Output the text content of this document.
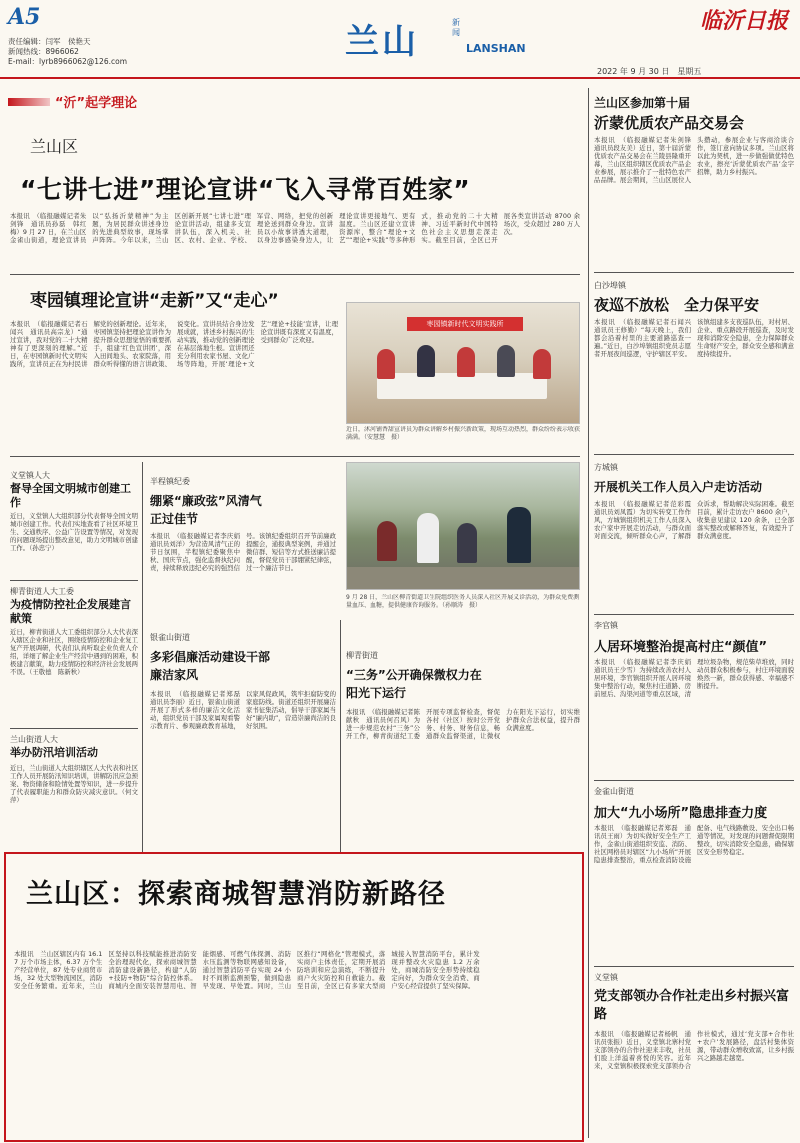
A5
责任编辑：闫军　侯艳天
新闻热线：8966062
E-mail：lyrb8966062@126.com	兰山	新闻
LANSHAN
临沂日报
2022 年 9 月 30 日　星期五
“沂”起学理论
兰山区
“七讲七进”理论宣讲“飞入寻常百姓家”
本报讯　（临报融媒记者朱剑锋　通讯员孙磊　韩红梅）9 月 27 日，在兰山区金雀山街道，理论宣讲员以“弘扬沂蒙精神”为主题，为居民群众讲述身边的先进典型故事，现场掌声阵阵。今年以来，兰山区创新开展“七讲七进”理论宣讲活动，组建多支宣讲队伍，深入机关、社区、农村、企业、学校、军营、网络，把党的创新理论送到群众身边。宣讲员以小故事讲透大道理，以身边事感染身边人，让理论宣讲更接地气、更有温度。兰山区还建立宣讲资源库，整合“理论+文艺”“理论+实践”等多种形式，推动党的二十大精神、习近平新时代中国特色社会主义思想走深走实。截至目前，全区已开展各类宣讲活动 8700 余场次，受众超过 280 万人次。
枣园镇理论宣讲“走新”又“走心”
本报讯　（临报融媒记者石闻兴　通讯员高宗龙）“通过宣讲，我对党的二十大精神有了更深刻的理解。”近日，在枣园镇新时代文明实践所，宣讲员正在为村民讲解党的创新理论。近年来，枣园镇坚持把理论宣讲作为提升群众思想觉悟的重要抓手，组建‘红色宣讲团’，深入田间地头、农家院落，用群众听得懂的语言讲政策、说变化。宣讲员结合身边发展成就，讲述乡村振兴的生动实践，推动党的创新理论在基层落地生根。宣讲团还充分利用农家书屋、文化广场等阵地，开展‘理论+文艺’‘理论+技能’宣讲，让理论宣讲既有深度又有温度，受到群众广泛欢迎。
枣园镇新时代文明实践所
近日，沭河铺香甜宣讲员为群众讲解乡村振兴新政策，现场互动热烈，群众纷纷表示收获满满。（安慧慧　摄）
义堂镇人大
督导全国文明城市创建工作
近日，义堂镇人大组织部分代表督导全国文明城市创建工作。代表们实地查看了社区环境卫生、交通秩序、公益广告设置等情况，对发现的问题现场提出整改意见，助力文明城市创建工作。（孙忠宁）
柳青街道人大工委
为疫情防控社企发展建言献策
近日，柳青街道人大工委组织部分人大代表深入辖区企业和社区，围绕疫情防控和企业复工复产开展调研，代表们认真听取企业负责人介绍，详细了解企业生产经营中遇到的困难，积极建言献策，助力疫情防控和经济社会发展两不误。（王敬德　陈新秋）
兰山街道人大
举办防汛培训活动
近日，兰山街道人大组织辖区人大代表和社区工作人员开展防汛知识培训，讲解防汛应急预案、物资储备和险情处置等知识，进一步提升了代表履职能力和群众防灾减灾意识。（何文萍）
半程镇纪委
绷紧“廉政弦”风清气正过佳节
本报讯　（临报融媒记者李庆娟　通讯员刘洋）为营造风清气正的节日氛围，半程镇纪委聚焦中秋、国庆节点，强化监督执纪问责，持续释放违纪必究的强烈信号。该镇纪委组织召开节前廉政提醒会，通报典型案例，并通过微信群、短信等方式推送廉洁提醒，督促党员干部绷紧纪律弦，过一个廉洁节日。
9 月 28 日，兰山区柳青街道卫生院组织医务人员深入社区开展义诊活动，为群众免费测量血压、血糖，提供健康咨询服务。（孙顺涛　摄）
银雀山街道
多彩倡廉活动建设干部廉洁家风
本报讯　（临报融媒记者郑磊　通讯员李丽）近日，银雀山街道开展了形式多样的廉洁文化活动，组织党员干部及家属观看警示教育片、参观廉政教育基地，以家风促政风，筑牢拒腐防变的家庭防线。街道还组织开展廉洁家书征集活动，倡导干部家属当好“廉内助”，营造崇廉尚洁的良好氛围。
柳青街道
“三务”公开确保微权力在阳光下运行
本报讯　（临报融媒记者陈献秋　通讯员何召风）为进一步规范农村“三务”公开工作，柳青街道纪工委开展专项监督检查，督促各村（社区）按时公开党务、村务、财务信息，畅通群众监督渠道，让微权力在阳光下运行，切实维护群众合法权益，提升群众满意度。
兰山区：探索商城智慧消防新路径
本报讯　兰山区辖区内有 16.17 万个市场主体，6.37 万个生产经营单位，87 处专业商贸市场，32 处大型物流园区，消防安全任务繁重。近年来，兰山区坚持以科技赋能推进消防安全治理现代化，探索商城智慧消防建设新路径，构建“人防+技防+物防”综合防控体系。商城内全面安装智慧用电、智能烟感、可燃气体探测、消防水压监测等物联网感知设备，通过智慧消防平台实现 24 小时不间断监测预警，做到隐患早发现、早处置。同时，兰山区推行“网格化”管理模式，落实商户主体责任，定期开展消防培训和应急演练，不断提升商户火灾防控和自救能力。截至目前，全区已有多家大型商城接入智慧消防平台，累计发现并整改火灾隐患 1.2 万余处，商城消防安全形势持续稳定向好，为群众安全消费、商户安心经营提供了坚实保障。
兰山区参加第十届
沂蒙优质农产品交易会
本报讯　（临报融媒记者朱剑锋　通讯员段友美）近日，第十届沂蒙优质农产品交易会在兰陵县隆重开幕，兰山区组织辖区优质农产品企业参展，展示推介了一批特色农产品品牌。展会期间，兰山区展位人头攒动，参展企业与客商洽谈合作，签订意向协议多项。兰山区将以此为契机，进一步做强做优特色农业，擦亮‘沂蒙优质农产品’金字招牌，助力乡村振兴。
白沙埠镇
夜巡不放松　全力保平安
本报讯　（临报融媒记者石闻兴　通讯员王修勤）“每天晚上，我们都会沿着村里的主要道路巡查一遍。”近日，白沙埠镇组织党员志愿者开展夜间巡逻，守护辖区平安。该镇组建多支夜巡队伍，对村居、企业、重点路段开展巡查，及时发现和消除安全隐患，全力保障群众生命财产安全，群众安全感和满意度持续提升。
方城镇
开展机关工作人员入户走访活动
本报讯　（临报融媒记者范彩霞　通讯员刘凤霞）为切实转变工作作风，方城镇组织机关工作人员深入农户家中开展走访活动，与群众面对面交流，倾听群众心声，了解群众诉求，帮助解决实际困难。截至目前，累计走访农户 8600 余户，收集意见建议 120 余条，已全部落实整改或解释答复，有效提升了群众满意度。
李官镇
人居环境整治提高村庄“颜值”
本报讯　（临报融媒记者李庆娟　通讯员王少雪）为持续改善农村人居环境，李官镇组织开展人居环境集中整治行动，聚焦村庄道路、房前屋后、沟渠河道等重点区域，清理垃圾杂物，规范柴草堆放，同时动员群众积极参与，村庄环境面貌焕然一新，群众获得感、幸福感不断提升。
金雀山街道
加大“九小场所”隐患排查力度
本报讯　（临报融媒记者郑磊　通讯员王雨）为切实做好安全生产工作，金雀山街道组织安监、消防、社区网格员对辖区“九小场所”开展隐患排查整治，重点检查消防设施配备、电气线路敷设、安全出口畅通等情况，对发现的问题督促限期整改，切实消除安全隐患，确保辖区安全形势稳定。
义堂镇
党支部领办合作社走出乡村振兴富路
本报讯　（临报融媒记者杨帆　通讯员张振）近日，义堂镇北寨村党支部领办的合作社迎来丰收，社员们脸上洋溢着喜悦的笑容。近年来，义堂镇积极探索党支部领办合作社模式，通过‘党支部+合作社+农户’发展路径，盘活村集体资源，带动群众增收致富，让乡村振兴之路越走越宽。
